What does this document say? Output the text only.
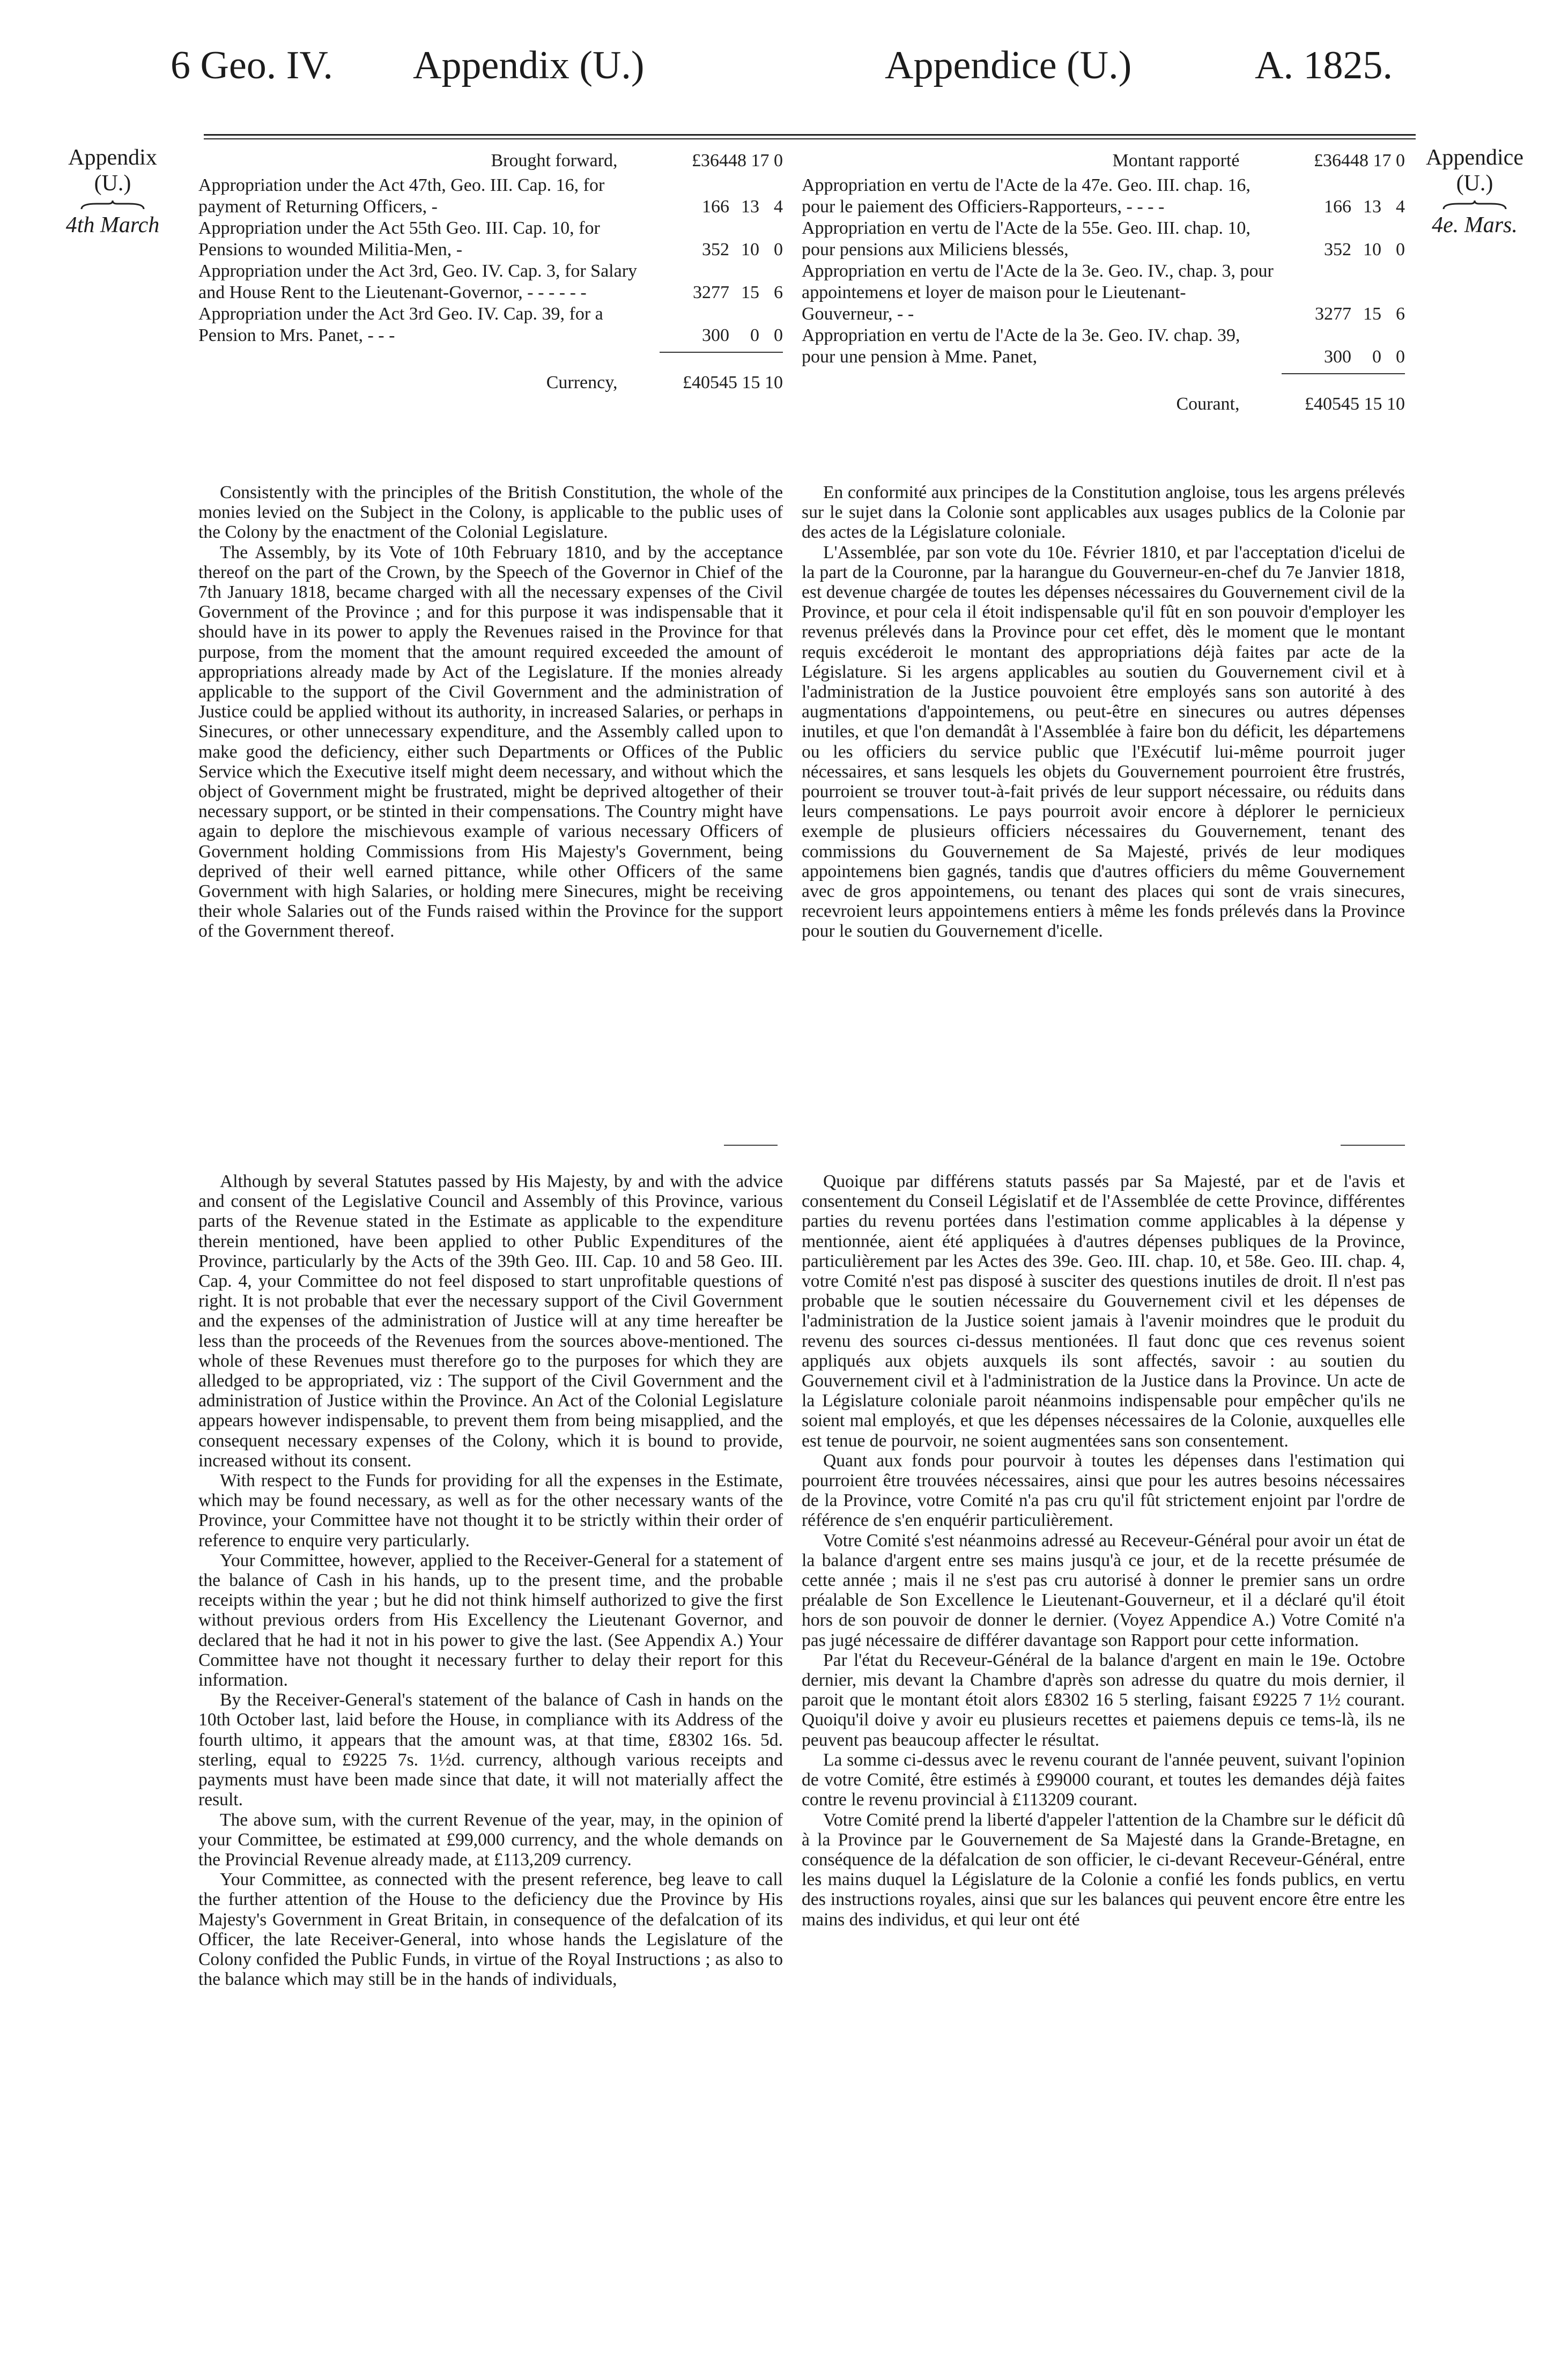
6 Geo. IV. Appendix (U.)	Appendice (U.)	A. 1825.
Appendix
(U.)
4th March
Appendice
(U.)
4e. Mars.
Brought forward,	£36448 17 0
Appropriation under the Act 47th, Geo. III. Cap. 16, for payment of Returning Officers, -	166 13 4
Appropriation under the Act 55th Geo. III. Cap. 10, for Pensions to wounded Militia-Men, -	352 10 0
Appropriation under the Act 3rd, Geo. IV. Cap. 3, for Salary and House Rent to the Lieutenant-Governor, - - - - - -	3277 15 6
Appropriation under the Act 3rd Geo. IV. Cap. 39, for a Pension to Mrs. Panet, - - -	300 0 0
Currency,	£40545 15 10
Montant rapporté	£36448 17 0
Appropriation en vertu de l'Acte de la 47e. Geo. III. chap. 16, pour le paiement des Officiers-Rapporteurs, - - - -	166 13 4
Appropriation en vertu de l'Acte de la 55e. Geo. III. chap. 10, pour pensions aux Miliciens blessés,	352 10 0
Appropriation en vertu de l'Acte de la 3e. Geo. IV., chap. 3, pour appointemens et loyer de maison pour le Lieutenant-Gouverneur, - -	3277 15 6
Appropriation en vertu de l'Acte de la 3e. Geo. IV. chap. 39, pour une pension à Mme. Panet,	300 0 0
Courant,	£40545 15 10

Consistently with the principles of the British Constitution, the whole of the monies levied on the Subject in the Colony, is applicable to the public uses of the Colony by the enactment of the Colonial Legislature.

The Assembly, by its Vote of 10th February 1810, and by the acceptance thereof on the part of the Crown, by the Speech of the Governor in Chief of the 7th January 1818, became charged with all the necessary expenses of the Civil Government of the Province ; and for this purpose it was indispensable that it should have in its power to apply the Revenues raised in the Province for that purpose, from the moment that the amount required exceeded the amount of appropriations already made by Act of the Legislature. If the monies already applicable to the support of the Civil Government and the administration of Justice could be applied without its authority, in increased Salaries, or perhaps in Sinecures, or other unnecessary expenditure, and the Assembly called upon to make good the deficiency, either such Departments or Offices of the Public Service which the Executive itself might deem necessary, and without which the object of Government might be frustrated, might be deprived altogether of their necessary support, or be stinted in their compensations. The Country might have again to deplore the mischievous example of various necessary Officers of Government holding Commissions from His Majesty's Government, being deprived of their well earned pittance, while other Officers of the same Government with high Salaries, or holding mere Sinecures, might be receiving their whole Salaries out of the Funds raised within the Province for the support of the Government thereof.

Although by several Statutes passed by His Majesty, by and with the advice and consent of the Legislative Council and Assembly of this Province, various parts of the Revenue stated in the Estimate as applicable to the expenditure therein mentioned, have been applied to other Public Expenditures of the Province, particularly by the Acts of the 39th Geo. III. Cap. 10 and 58 Geo. III. Cap. 4, your Committee do not feel disposed to start unprofitable questions of right. It is not probable that ever the necessary support of the Civil Government and the expenses of the administration of Justice will at any time hereafter be less than the proceeds of the Revenues from the sources above-mentioned. The whole of these Revenues must therefore go to the purposes for which they are alledged to be appropriated, viz : The support of the Civil Government and the administration of Justice within the Province. An Act of the Colonial Legislature appears however indispensable, to prevent them from being misapplied, and the consequent necessary expenses of the Colony, which it is bound to provide, increased without its consent.

With respect to the Funds for providing for all the expenses in the Estimate, which may be found necessary, as well as for the other necessary wants of the Province, your Committee have not thought it to be strictly within their order of reference to enquire very particularly.

Your Committee, however, applied to the Receiver-General for a statement of the balance of Cash in his hands, up to the present time, and the probable receipts within the year ; but he did not think himself authorized to give the first without previous orders from His Excellency the Lieutenant Governor, and declared that he had it not in his power to give the last. (See Appendix A.) Your Committee have not thought it necessary further to delay their report for this information.

By the Receiver-General's statement of the balance of Cash in hands on the 10th October last, laid before the House, in compliance with its Address of the fourth ultimo, it appears that the amount was, at that time, £8302 16s. 5d. sterling, equal to £9225 7s. 1½d. currency, although various receipts and payments must have been made since that date, it will not materially affect the result.

The above sum, with the current Revenue of the year, may, in the opinion of your Committee, be estimated at £99,000 currency, and the whole demands on the Provincial Revenue already made, at £113,209 currency.

Your Committee, as connected with the present reference, beg leave to call the further attention of the House to the deficiency due the Province by His Majesty's Government in Great Britain, in consequence of the defalcation of its Officer, the late Receiver-General, into whose hands the Legislature of the Colony confided the Public Funds, in virtue of the Royal Instructions ; as also to the balance which may still be in the hands of individuals,

En conformité aux principes de la Constitution angloise, tous les argens prélevés sur le sujet dans la Colonie sont applicables aux usages publics de la Colonie par des actes de la Législature coloniale.

L'Assemblée, par son vote du 10e. Février 1810, et par l'acceptation d'icelui de la part de la Couronne, par la harangue du Gouverneur-en-chef du 7e Janvier 1818, est devenue chargée de toutes les dépenses nécessaires du Gouvernement civil de la Province, et pour cela il étoit indispensable qu'il fût en son pouvoir d'employer les revenus prélevés dans la Province pour cet effet, dès le moment que le montant requis excéderoit le montant des appropriations déjà faites par acte de la Législature. Si les argens applicables au soutien du Gouvernement civil et à l'administration de la Justice pouvoient être employés sans son autorité à des augmentations d'appointemens, ou peut-être en sinecures ou autres dépenses inutiles, et que l'on demandât à l'Assemblée à faire bon du déficit, les départemens ou les officiers du service public que l'Exécutif lui-même pourroit juger nécessaires, et sans lesquels les objets du Gouvernement pourroient être frustrés, pourroient se trouver tout-à-fait privés de leur support nécessaire, ou réduits dans leurs compensations. Le pays pourroit avoir encore à déplorer le pernicieux exemple de plusieurs officiers nécessaires du Gouvernement, tenant des commissions du Gouvernement de Sa Majesté, privés de leur modiques appointemens bien gagnés, tandis que d'autres officiers du même Gouvernement avec de gros appointemens, ou tenant des places qui sont de vrais sinecures, recevroient leurs appointemens entiers à même les fonds prélevés dans la Province pour le soutien du Gouvernement d'icelle.

Quoique par différens statuts passés par Sa Majesté, par et de l'avis et consentement du Conseil Législatif et de l'Assemblée de cette Province, différentes parties du revenu portées dans l'estimation comme applicables à la dépense y mentionnée, aient été appliquées à d'autres dépenses publiques de la Province, particulièrement par les Actes des 39e. Geo. III. chap. 10, et 58e. Geo. III. chap. 4, votre Comité n'est pas disposé à susciter des questions inutiles de droit. Il n'est pas probable que le soutien nécessaire du Gouvernement civil et les dépenses de l'administration de la Justice soient jamais à l'avenir moindres que le produit du revenu des sources ci-dessus mentionées. Il faut donc que ces revenus soient appliqués aux objets auxquels ils sont affectés, savoir : au soutien du Gouvernement civil et à l'administration de la Justice dans la Province. Un acte de la Législature coloniale paroit néanmoins indispensable pour empêcher qu'ils ne soient mal employés, et que les dépenses nécessaires de la Colonie, auxquelles elle est tenue de pourvoir, ne soient augmentées sans son consentement.

Quant aux fonds pour pourvoir à toutes les dépenses dans l'estimation qui pourroient être trouvées nécessaires, ainsi que pour les autres besoins nécessaires de la Province, votre Comité n'a pas cru qu'il fût strictement enjoint par l'ordre de référence de s'en enquérir particulièrement.

Votre Comité s'est néanmoins adressé au Receveur-Général pour avoir un état de la balance d'argent entre ses mains jusqu'à ce jour, et de la recette présumée de cette année ; mais il ne s'est pas cru autorisé à donner le premier sans un ordre préalable de Son Excellence le Lieutenant-Gouverneur, et il a déclaré qu'il étoit hors de son pouvoir de donner le dernier. (Voyez Appendice A.) Votre Comité n'a pas jugé nécessaire de différer davantage son Rapport pour cette information.

Par l'état du Receveur-Général de la balance d'argent en main le 19e. Octobre dernier, mis devant la Chambre d'après son adresse du quatre du mois dernier, il paroit que le montant étoit alors £8302 16 5 sterling, faisant £9225 7 1½ courant. Quoiqu'il doive y avoir eu plusieurs recettes et paiemens depuis ce tems-là, ils ne peuvent pas beaucoup affecter le résultat.

La somme ci-dessus avec le revenu courant de l'année peuvent, suivant l'opinion de votre Comité, être estimés à £99000 courant, et toutes les demandes déjà faites contre le revenu provincial à £113209 courant.

Votre Comité prend la liberté d'appeler l'attention de la Chambre sur le déficit dû à la Province par le Gouvernement de Sa Majesté dans la Grande-Bretagne, en conséquence de la défalcation de son officier, le ci-devant Receveur-Général, entre les mains duquel la Législature de la Colonie a confié les fonds publics, en vertu des instructions royales, ainsi que sur les balances qui peuvent encore être entre les mains des individus, et qui leur ont été
